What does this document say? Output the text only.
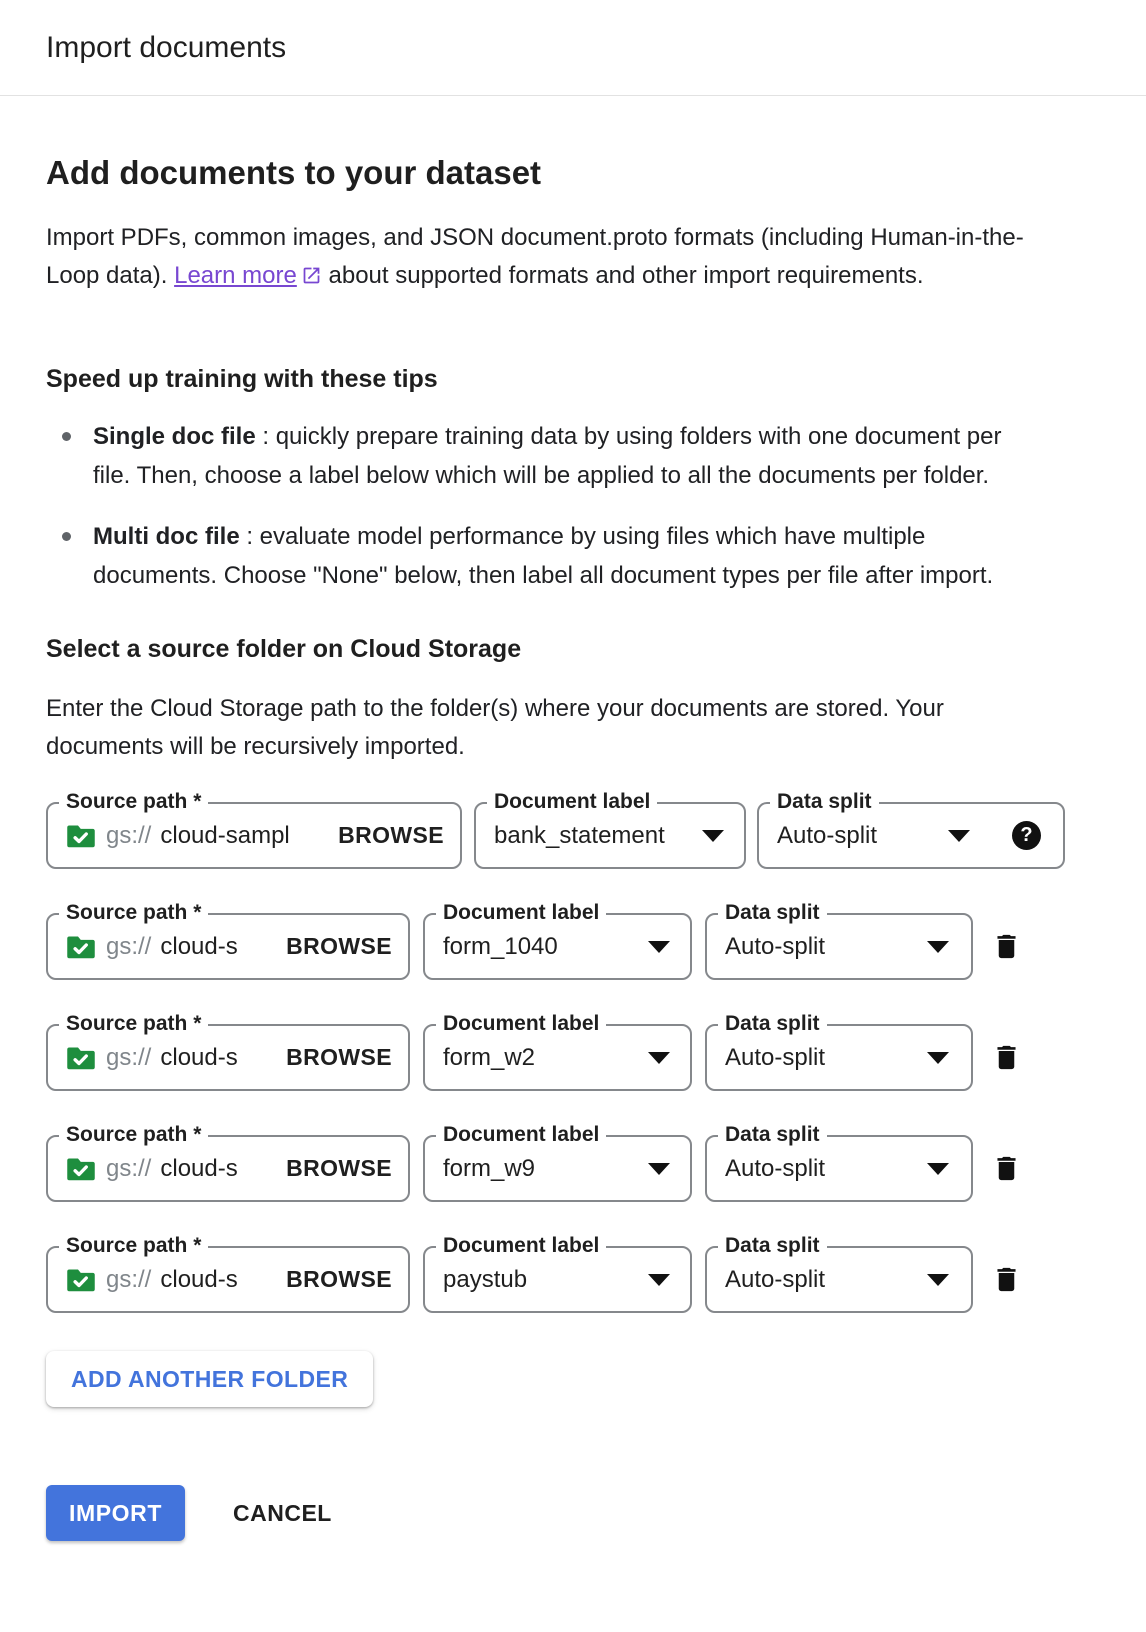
Import documents
Add documents to your dataset

Import PDFs, common images, and JSON document.proto formats (including Human-in-the-Loop data). Learn more about supported formats and other import requirements.

Speed up training with these tips
Single doc file : quickly prepare training data by using folders with one document per file. Then, choose a label below which will be applied to all the documents per folder.
Multi doc file : evaluate model performance by using files which have multiple documents. Choose "None" below, then label all document types per file after import.
Select a source folder on Cloud Storage

Enter the Cloud Storage path to the folder(s) where your documents are stored. Your documents will be recursively imported.

Source path *
gs:// cloud-sampl	BROWSE
Document label
bank_statement
Data split
Auto-split	?
Source path *
gs:// cloud-s	BROWSE
Document label
form_1040
Data split
Auto-split
Source path *
gs:// cloud-s	BROWSE
Document label
form_w2
Data split
Auto-split
Source path *
gs:// cloud-s	BROWSE
Document label
form_w9
Data split
Auto-split
Source path *
gs:// cloud-s	BROWSE
Document label
paystub
Data split
Auto-split
ADD ANOTHER FOLDER
IMPORT	CANCEL
